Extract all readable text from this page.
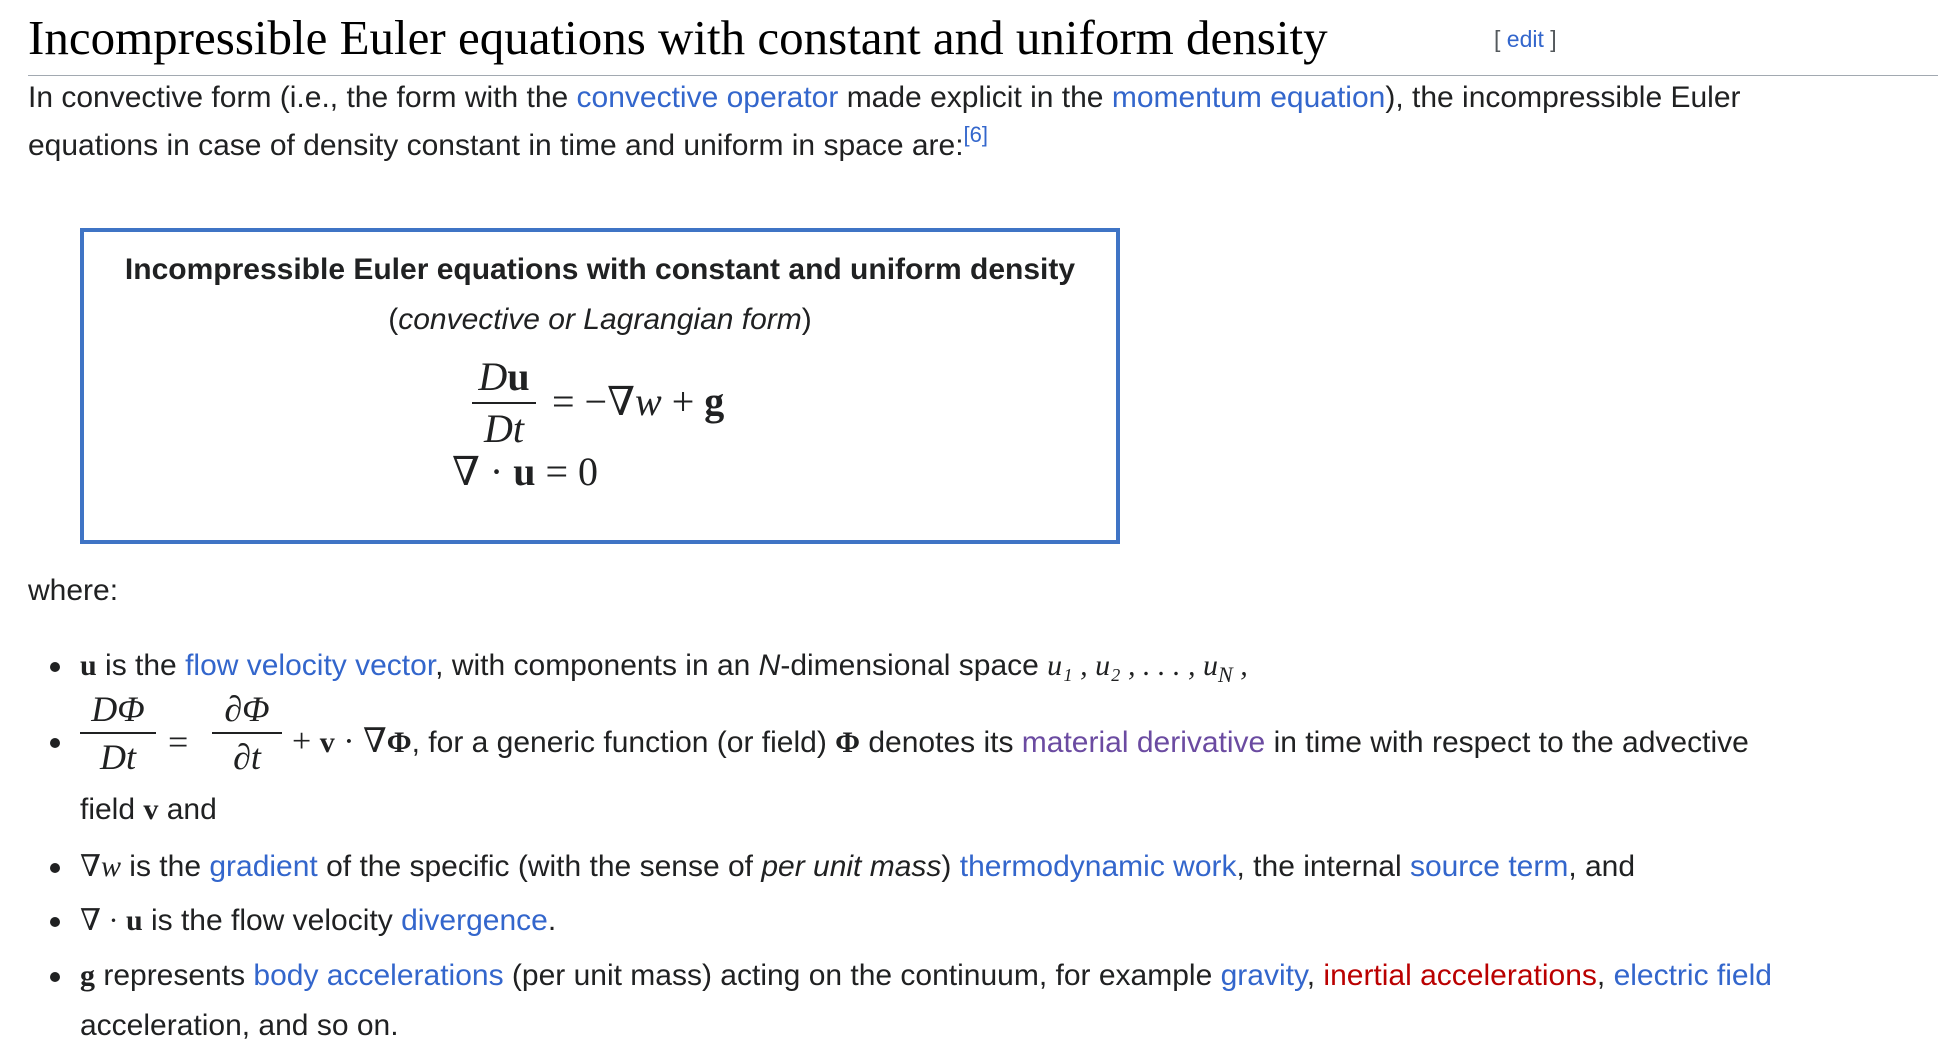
Incompressible Euler equations with constant and uniform density	[ edit ]
In convective form (i.e., the form with the convective operator made explicit in the momentum equation), the incompressible Euler
equations in case of density constant in time and uniform in space are:[6]
Incompressible Euler equations with constant and uniform density
(convective or Lagrangian form)
Du
Dt
= −∇w + g
∇ · u = 0
where:
u is the flow velocity vector, with components in an N-dimensional space u₁ , u₂ , . . . , $u_N$ ,
DΦ
Dt =
∂Φ
∂t + v · ∇Φ, for a generic function (or field) Φ denotes its material derivative in time with respect to the advective
field v and
∇w is the gradient of the specific (with the sense of per unit mass) thermodynamic work, the internal source term, and
∇ · u is the flow velocity divergence.
g represents body accelerations (per unit mass) acting on the continuum, for example gravity, inertial accelerations, electric field
acceleration, and so on.
